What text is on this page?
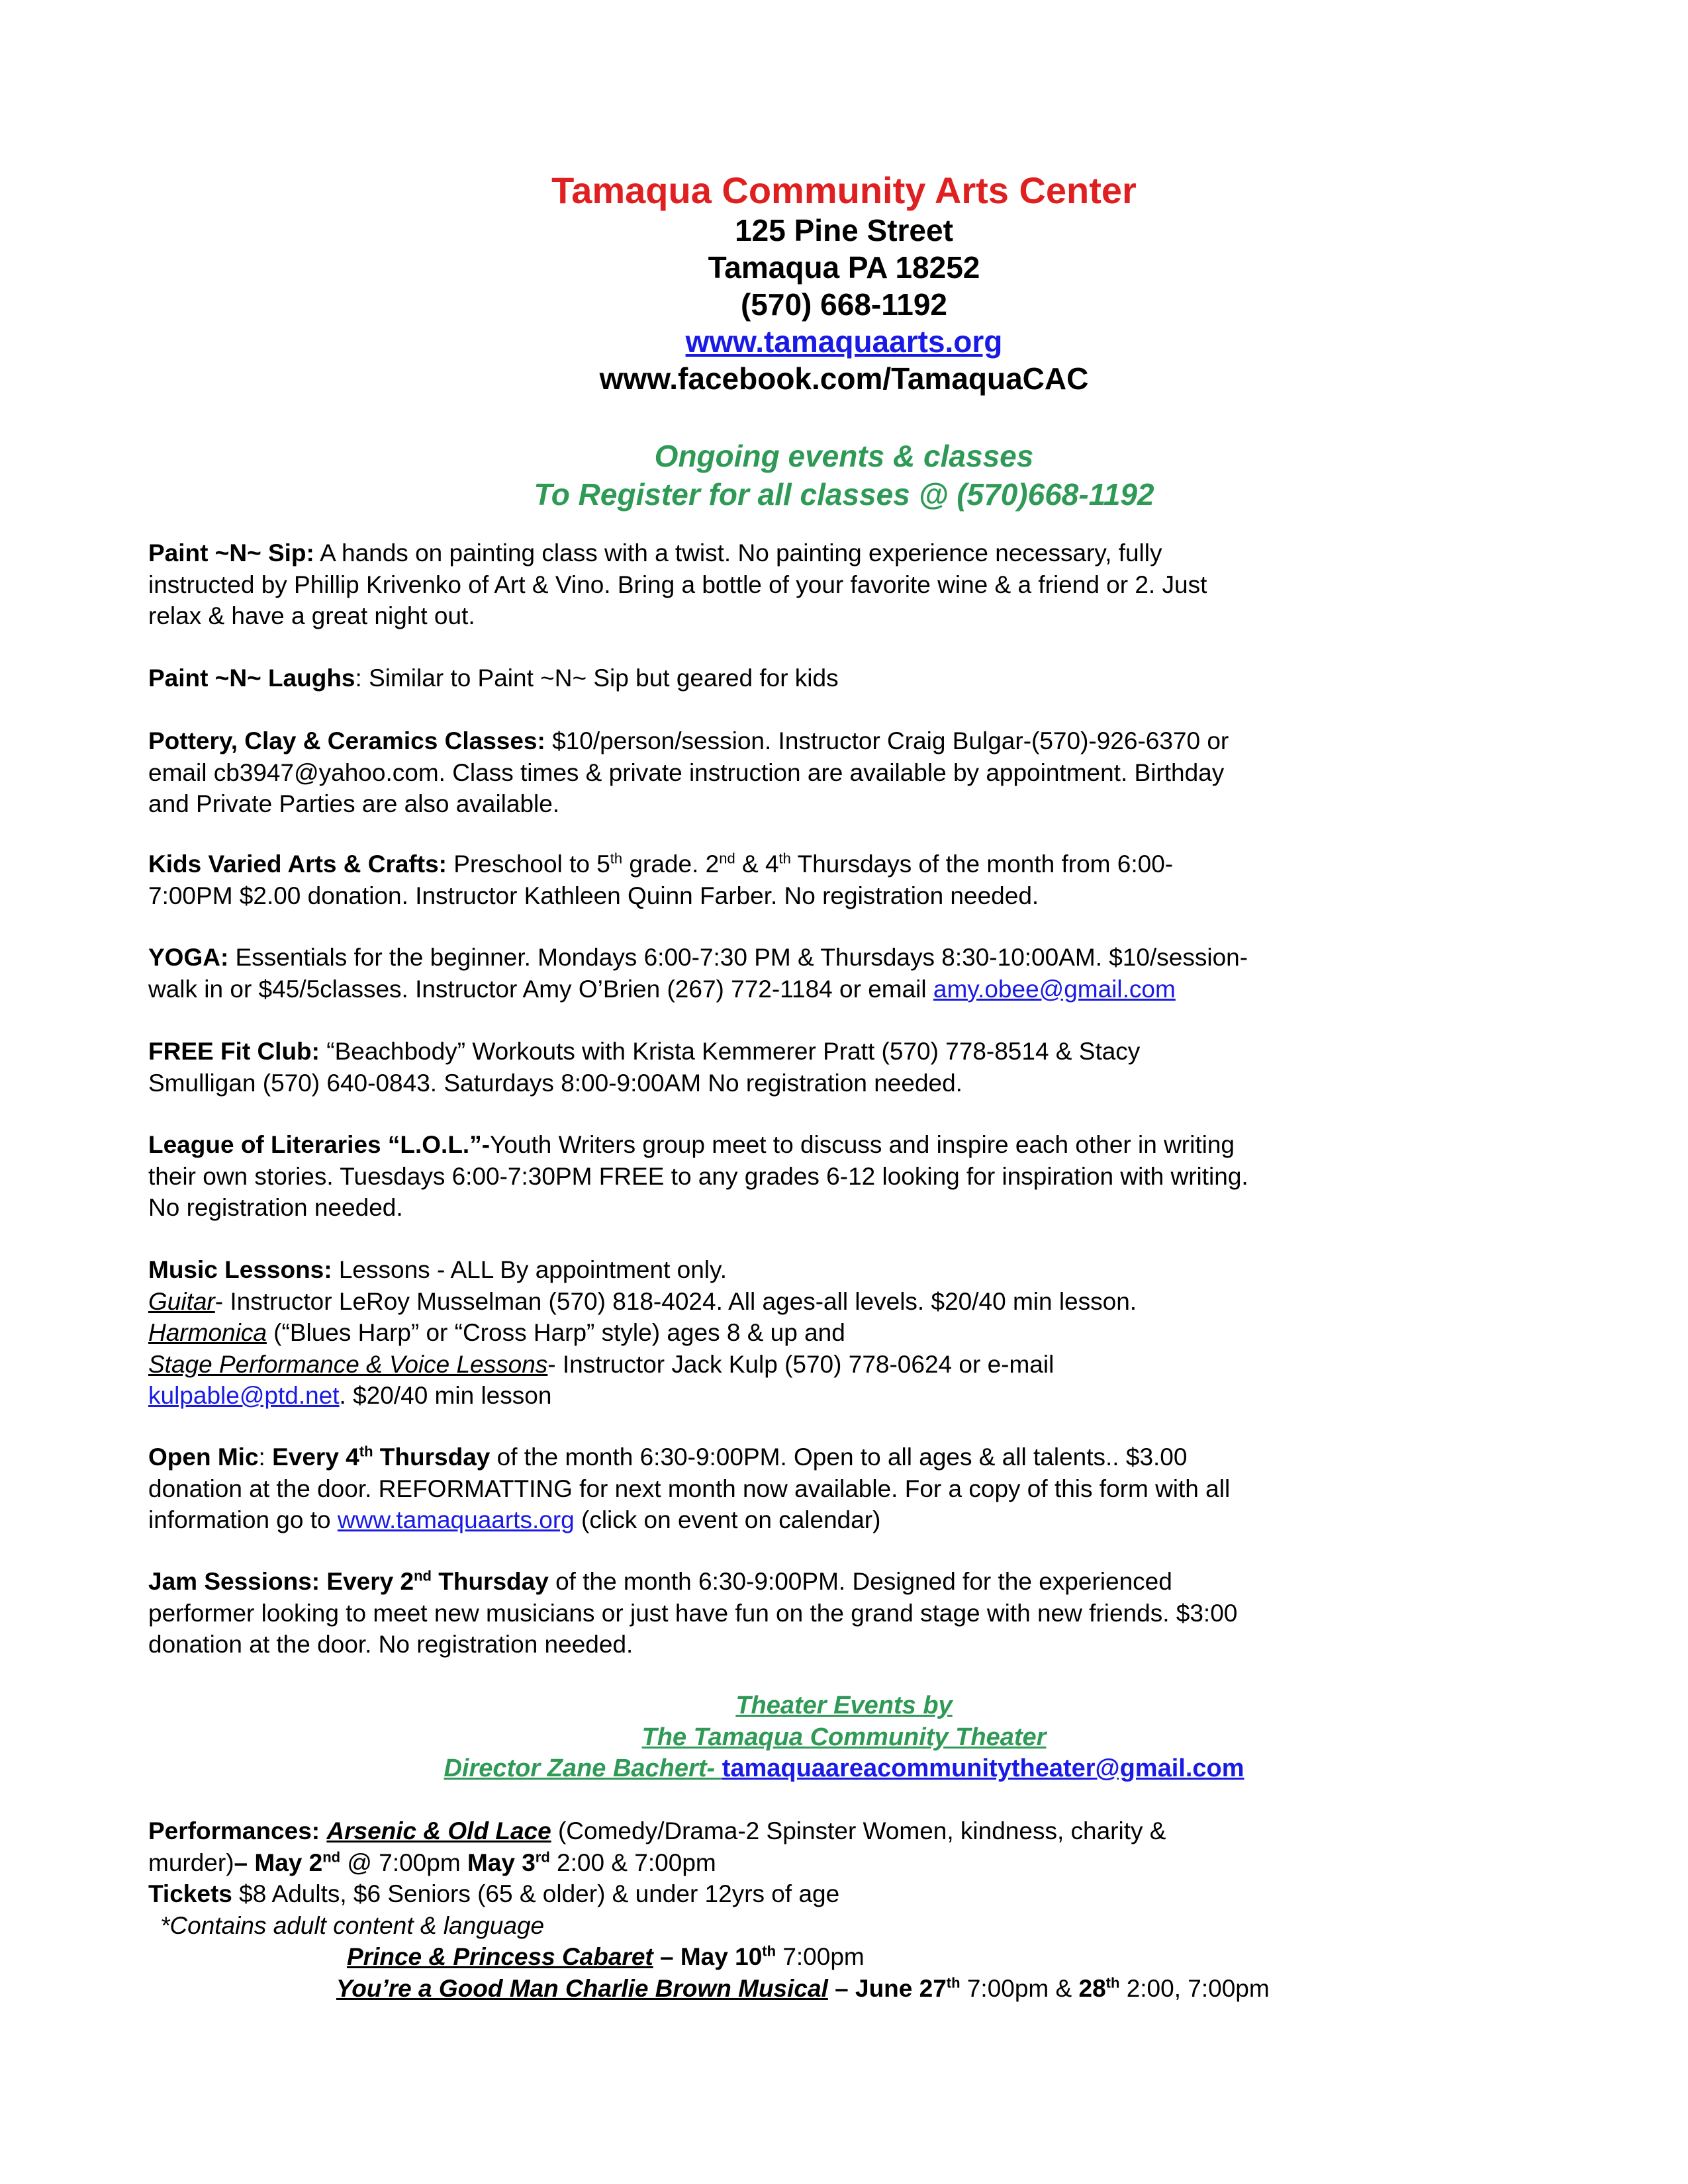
Tamaqua Community Arts Center
125 Pine Street
Tamaqua PA 18252
(570) 668-1192
www.tamaquaarts.org
www.facebook.com/TamaquaCAC
Ongoing events & classes
To Register for all classes @ (570)668-1192
Paint ~N~ Sip: A hands on painting class with a twist. No painting experience necessary, fully
instructed by Phillip Krivenko of Art & Vino. Bring a bottle of your favorite wine & a friend or 2. Just
relax & have a great night out.
Paint ~N~ Laughs: Similar to Paint ~N~ Sip but geared for kids
Pottery, Clay & Ceramics Classes: $10/person/session. Instructor Craig Bulgar-(570)-926-6370 or
email cb3947@yahoo.com. Class times & private instruction are available by appointment. Birthday
and Private Parties are also available.
Kids Varied Arts & Crafts: Preschool to 5th grade. 2nd & 4th Thursdays of the month from 6:00-
7:00PM $2.00 donation. Instructor Kathleen Quinn Farber. No registration needed.
YOGA: Essentials for the beginner. Mondays 6:00-7:30 PM & Thursdays 8:30-10:00AM. $10/session-
walk in or $45/5classes. Instructor Amy O’Brien (267) 772-1184 or email amy.obee@gmail.com
FREE Fit Club: “Beachbody” Workouts with Krista Kemmerer Pratt (570) 778-8514 & Stacy
Smulligan (570) 640-0843. Saturdays 8:00-9:00AM No registration needed.
League of Literaries “L.O.L.”-Youth Writers group meet to discuss and inspire each other in writing
their own stories. Tuesdays 6:00-7:30PM FREE to any grades 6-12 looking for inspiration with writing.
No registration needed.
Music Lessons: Lessons - ALL By appointment only.
Guitar- Instructor LeRoy Musselman (570) 818-4024. All ages-all levels. $20/40 min lesson.
Harmonica (“Blues Harp” or “Cross Harp” style) ages 8 & up and
Stage Performance & Voice Lessons- Instructor Jack Kulp (570) 778-0624 or e-mail
kulpable@ptd.net. $20/40 min lesson
Open Mic: Every 4th Thursday of the month 6:30-9:00PM. Open to all ages & all talents.. $3.00
donation at the door. REFORMATTING for next month now available. For a copy of this form with all
information go to www.tamaquaarts.org (click on event on calendar)
Jam Sessions: Every 2nd Thursday of the month 6:30-9:00PM. Designed for the experienced
performer looking to meet new musicians or just have fun on the grand stage with new friends. $3:00
donation at the door. No registration needed.
Theater Events by
The Tamaqua Community Theater
Director Zane Bachert- tamaquaareacommunitytheater@gmail.com
Performances: Arsenic & Old Lace (Comedy/Drama-2 Spinster Women, kindness, charity &
murder)– May 2nd @ 7:00pm May 3rd 2:00 & 7:00pm
Tickets $8 Adults, $6 Seniors (65 & older) & under 12yrs of age
*Contains adult content & language
Prince & Princess Cabaret – May 10th 7:00pm
You’re a Good Man Charlie Brown Musical – June 27th 7:00pm & 28th 2:00, 7:00pm
